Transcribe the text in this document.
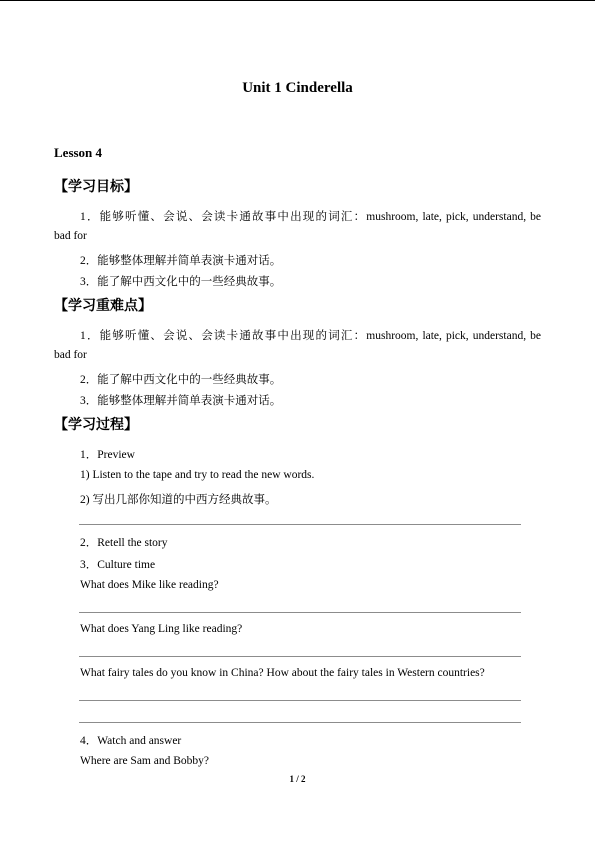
Unit 1 Cinderella
Lesson 4
【学习目标】
1．能够听懂、会说、会读卡通故事中出现的词汇：mushroom, late, pick, understand, be
bad for
2．能够整体理解并简单表演卡通对话。
3．能了解中西文化中的一些经典故事。
【学习重难点】
1．能够听懂、会说、会读卡通故事中出现的词汇：mushroom, late, pick, understand, be
bad for
2．能了解中西文化中的一些经典故事。
3．能够整体理解并简单表演卡通对话。
【学习过程】
1．Preview
1) Listen to the tape and try to read the new words.
2) 写出几部你知道的中西方经典故事。
2．Retell the story
3．Culture time
What does Mike like reading?
What does Yang Ling like reading?
What fairy tales do you know in China? How about the fairy tales in Western countries?
4．Watch and answer
Where are Sam and Bobby?
1 / 2
